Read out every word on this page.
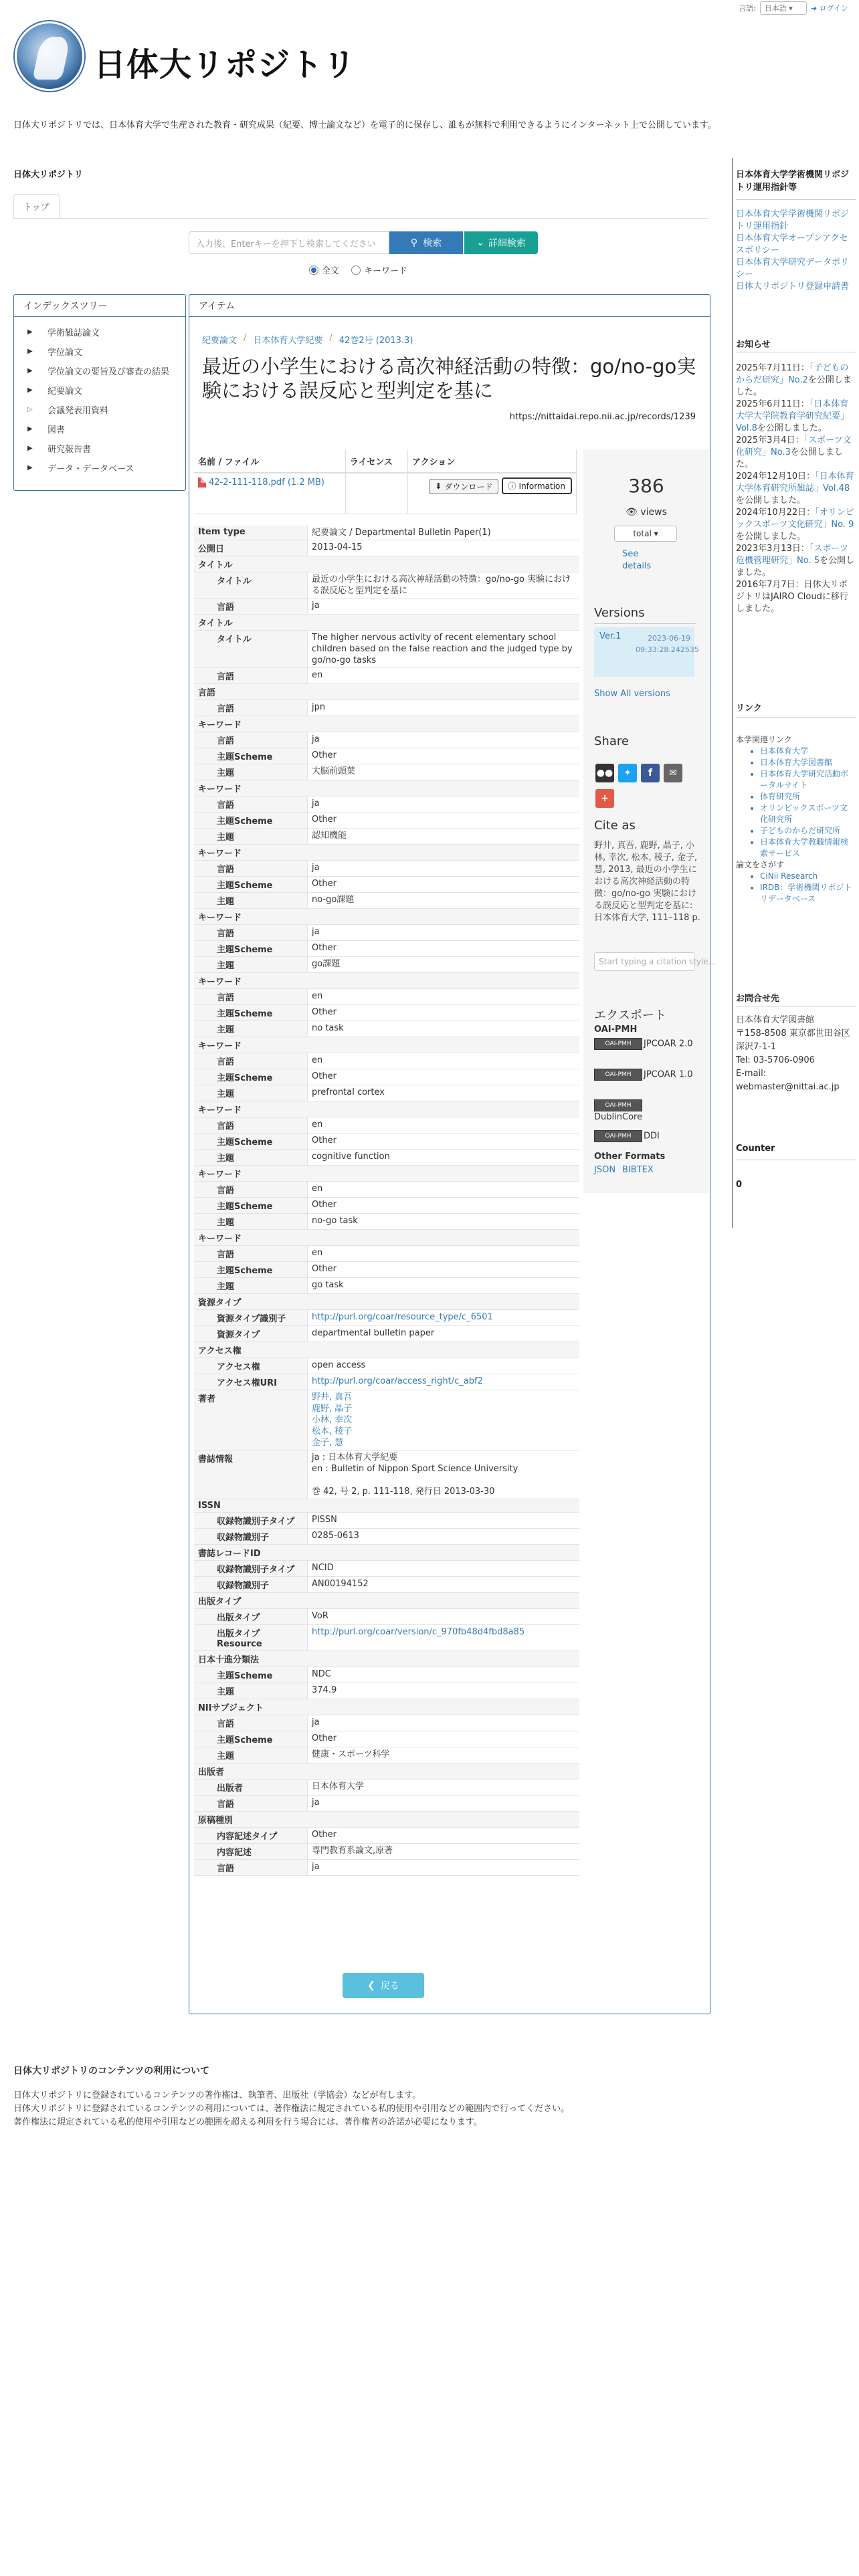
言語:	日本語 ▾	➜ ログイン
日体大リポジトリ
日体大リポジトリでは、日本体育大学で生産された教育・研究成果（紀要、博士論文など）を電子的に保存し、誰もが無料で利用できるようにインターネット上で公開しています。
日体大リポジトリ
トップ
入力後、Enterキーを押下し検索してください	⚲ 検索	⌄ 詳細検索
全文	キーワード
インデックスツリー
▶	学術雑誌論文
▶	学位論文
▶	学位論文の要旨及び審査の結果
▶	紀要論文
▷	会議発表用資料
▶	図書
▶	研究報告書
▶	データ・データベース
アイテム
紀要論文 / 日本体育大学紀要 / 42巻2号 (2013.3)
最近の小学生における高次神経活動の特徴：go/no-go実験における誤反応と型判定を基に
https://nittaidai.repo.nii.ac.jp/records/1239
名前 / ファイル	ライセンス	アクション
42-2-111-118.pdf (1.2 MB)		⬇ ダウンロード
ⓘ Information
Item type	紀要論文 / Departmental Bulletin Paper(1)
公開日	2013-04-15
タイトル
タイトル	最近の小学生における高次神経活動の特徴：go/no-go 実験における誤反応と型判定を基に
言語	ja
タイトル
タイトル	The higher nervous activity of recent elementary school children based on the false reaction and the judged type by go/no-go tasks
言語	en
言語
言語	jpn
キーワード
言語	ja
主題Scheme	Other
主題	大脳前頭葉
キーワード
言語	ja
主題Scheme	Other
主題	認知機能
キーワード
言語	ja
主題Scheme	Other
主題	no-go課題
キーワード
言語	ja
主題Scheme	Other
主題	go課題
キーワード
言語	en
主題Scheme	Other
主題	no task
キーワード
言語	en
主題Scheme	Other
主題	prefrontal cortex
キーワード
言語	en
主題Scheme	Other
主題	cognitive function
キーワード
言語	en
主題Scheme	Other
主題	no-go task
キーワード
言語	en
主題Scheme	Other
主題	go task
資源タイプ
資源タイプ識別子	http://purl.org/coar/resource_type/c_6501
資源タイプ	departmental bulletin paper
アクセス権
アクセス権	open access
アクセス権URI	http://purl.org/coar/access_right/c_abf2
著者	野井, 真吾
鹿野, 晶子
小林, 幸次
松本, 稜子
金子, 慧
書誌情報	ja : 日本体育大学紀要
en : Bulletin of Nippon Sport Science University
巻 42, 号 2, p. 111-118, 発行日 2013-03-30
ISSN
収録物識別子タイプ	PISSN
収録物識別子	0285-0613
書誌レコードID
収録物識別子タイプ	NCID
収録物識別子	AN00194152
出版タイプ
出版タイプ	VoR
出版タイプResource
http://purl.org/coar/version/c_970fb48d4fbd8a85
日本十進分類法
主題Scheme	NDC
主題	374.9
NIIサブジェクト
言語	ja
主題Scheme	Other
主題	健康・スポーツ科学
出版者
出版者	日本体育大学
言語	ja
原稿種別
内容記述タイプ	Other
内容記述	専門教育系論文,原著
言語	ja
386
👁 views
total ▾
See details
Versions
Ver.1	2023-06-19 09:33:28.242535
Show All versions
Share
●●	✦	f	✉
+
Cite as
野井, 真吾, 鹿野, 晶子, 小林, 幸次, 松本, 稜子, 金子, 慧, 2013, 最近の小学生における高次神経活動の特徴：go/no-go 実験における誤反応と型判定を基に: 日本体育大学, 111–118 p.
Start typing a citation style...
エクスポート
OAI-PMH
OAI-PMH JPCOAR 2.0
OAI-PMH JPCOAR 1.0
OAI-PMH
DublinCore
OAI-PMH DDI
Other Formats
JSON BIBTEX
❮ 戻る
日本体育大学学術機関リポジトリ運用指針等
日本体育大学学術機関リポジトリ運用指針
日本体育大学オープンアクセスポリシー
日本体育大学研究データポリシー
日体大リポジトリ登録申請書
お知らせ
2025年7月11日：「子どものからだ研究」No.2を公開しました。
2025年6月11日：「日本体育大学大学院教育学研究紀要」Vol.8を公開しました。
2025年3月4日：「スポーツ文化研究」No.3を公開しました。
2024年12月10日：「日本体育大学体育研究所雑誌」Vol.48を公開しました。
2024年10月22日：「オリンピックスポーツ文化研究」No. 9を公開しました。
2023年3月13日：「スポーツ危機管理研究」No. 5を公開しました。
2016年7月7日：日体大リポジトリはJAIRO Cloudに移行しました。
リンク
本学関連リンク
• 日本体育大学
• 日本体育大学図書館
• 日本体育大学研究活動ポータルサイト
• 体育研究所
• オリンピックスポーツ文化研究所
• 子どものからだ研究所
• 日本体育大学教職情報検索サービス
論文をさがす
• CiNii Research
• IRDB：学術機関リポジトリデータベース
お問合せ先
日本体育大学図書館
〒158-8508 東京都世田谷区深沢7-1-1
Tel: 03-5706-0906
E-mail: webmaster@nittai.ac.jp
Counter
0
日体大リポジトリのコンテンツの利用について
日体大リポジトリに登録されているコンテンツの著作権は、執筆者、出版社（学協会）などが有します。
日体大リポジトリに登録されているコンテンツの利用については、著作権法に規定されている私的使用や引用などの範囲内で行ってください。
著作権法に規定されている私的使用や引用などの範囲を超える利用を行う場合には、著作権者の許諾が必要になります。
